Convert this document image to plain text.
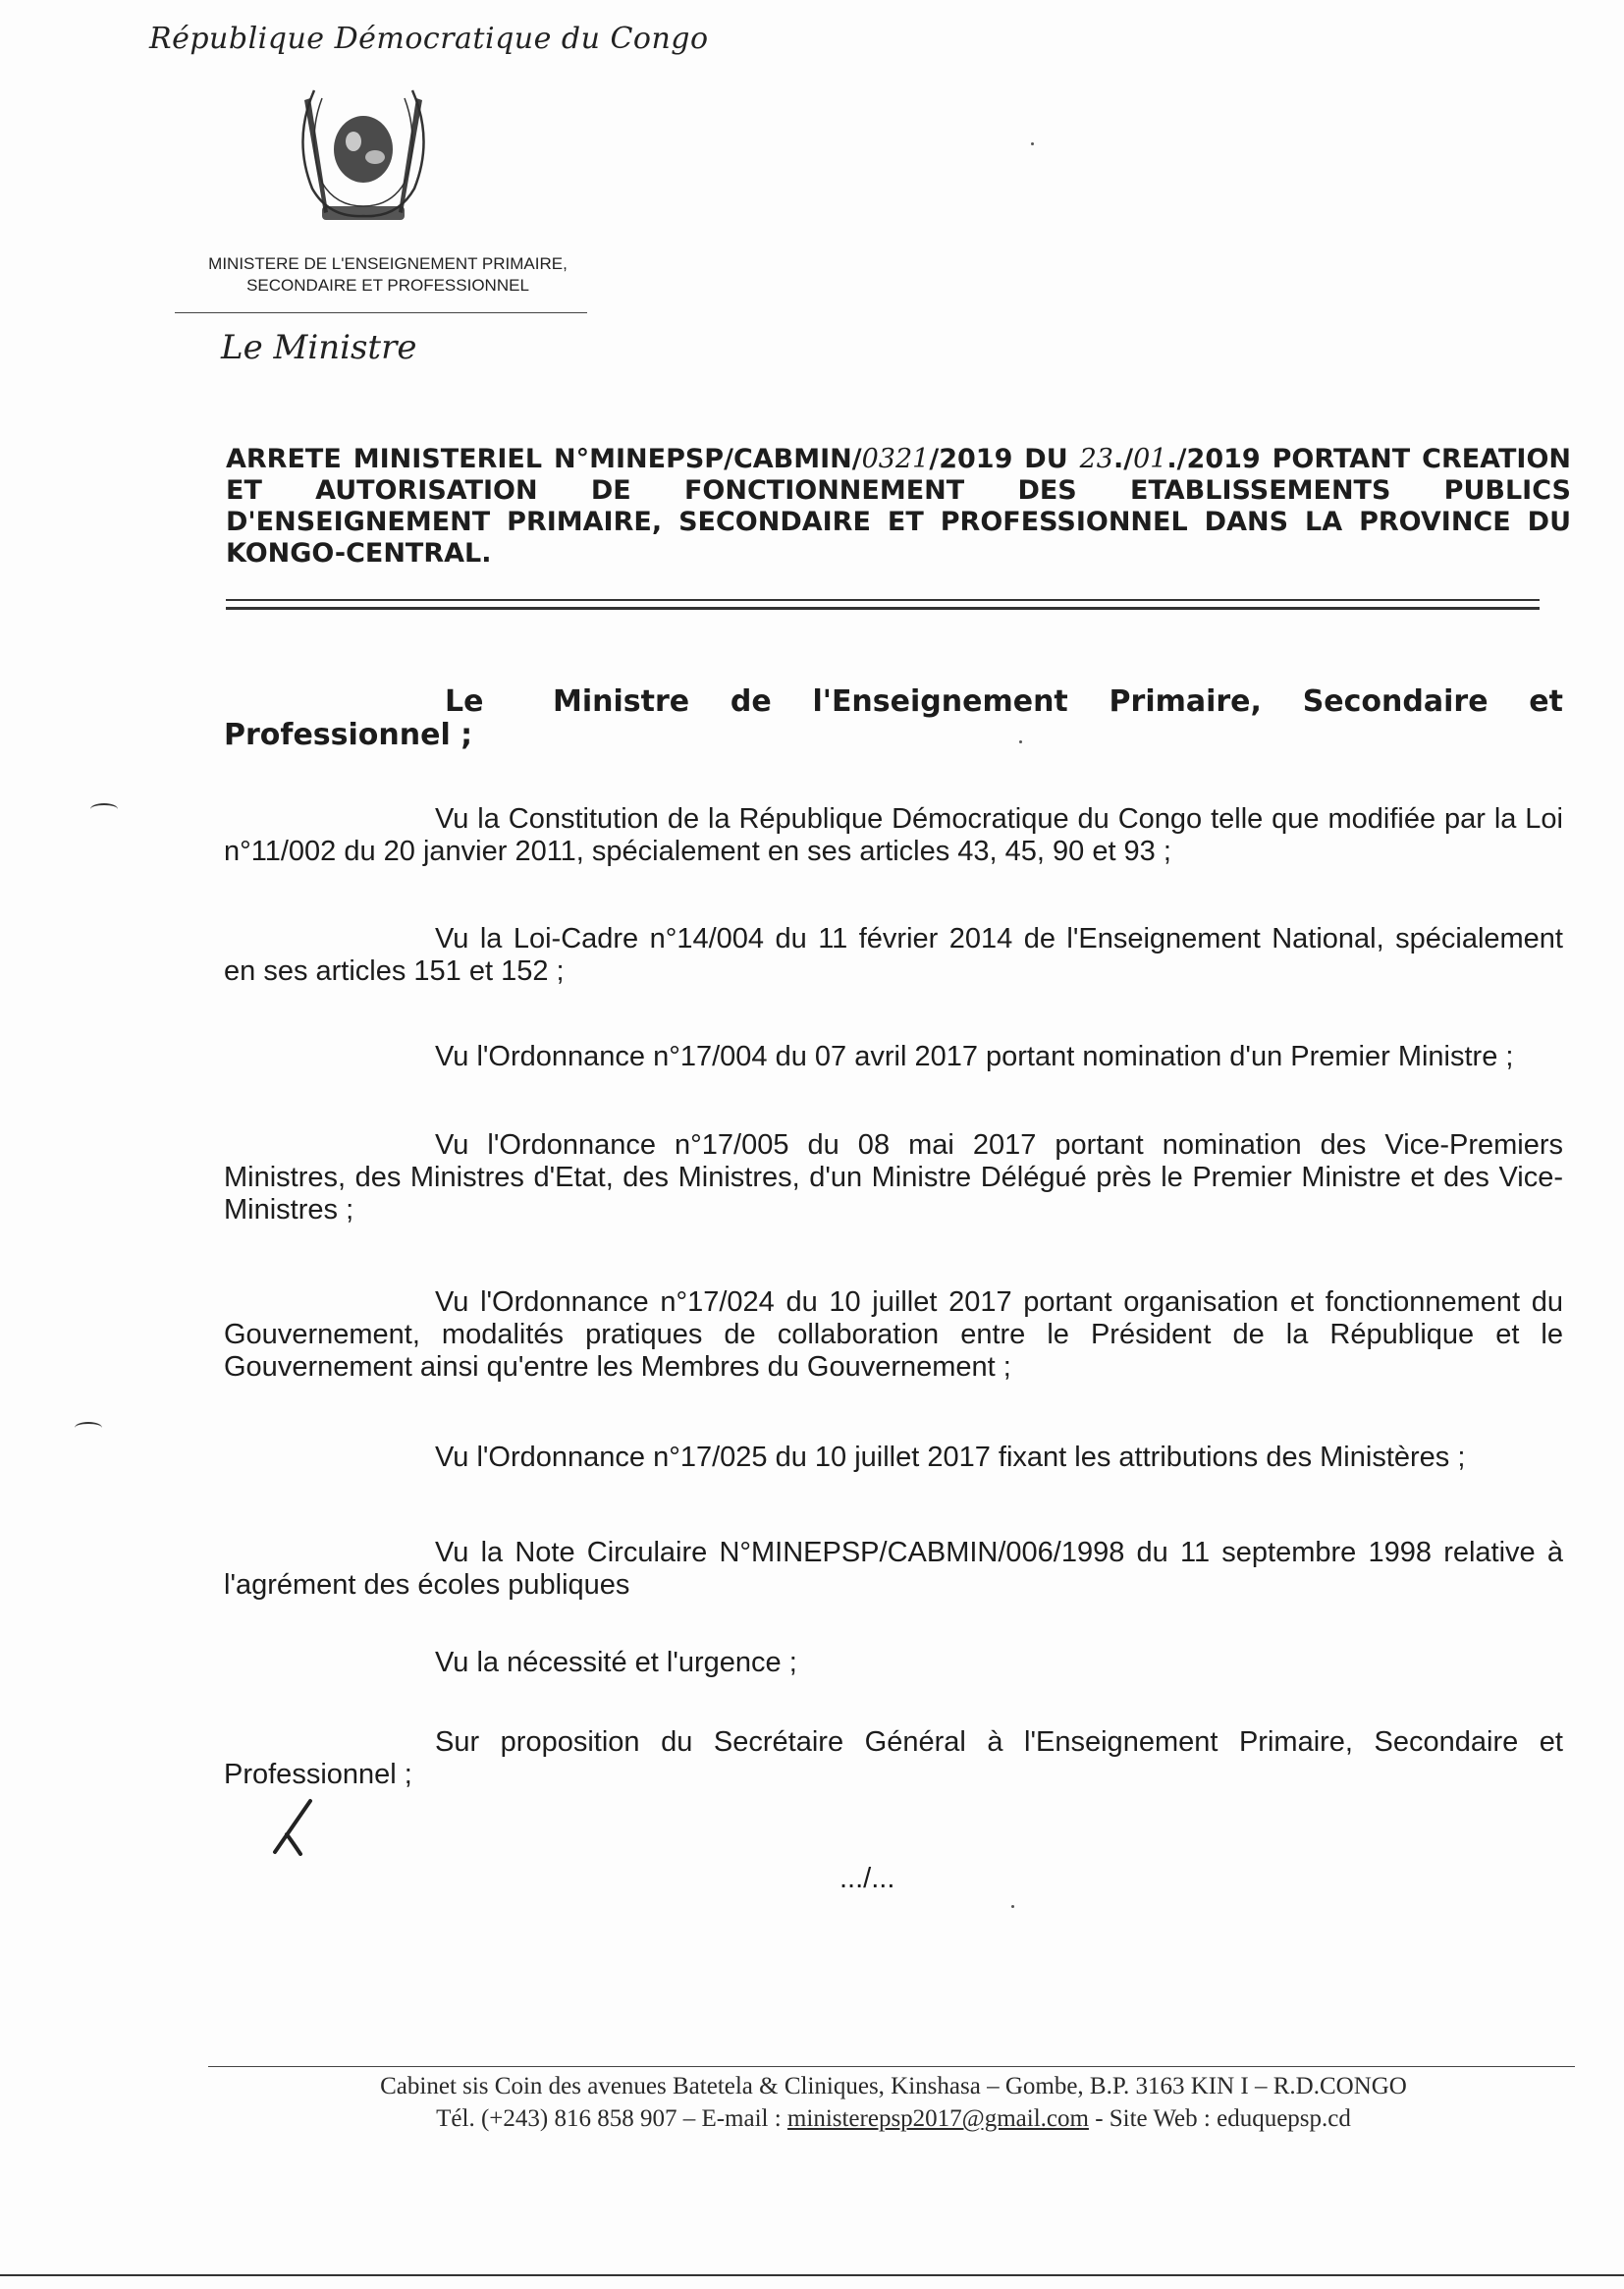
République Démocratique du Congo
MINISTERE DE L'ENSEIGNEMENT PRIMAIRE,
SECONDAIRE ET PROFESSIONNEL
Le Ministre
ARRETE MINISTERIEL N°MINEPSP/CABMIN/0321/2019 DU 23./01./2019 PORTANT CREATION ET AUTORISATION DE FONCTIONNEMENT DES ETABLISSEMENTS PUBLICS D'ENSEIGNEMENT PRIMAIRE, SECONDAIRE ET PROFESSIONNEL DANS LA PROVINCE DU KONGO-CENTRAL.
Le Ministre de l'Enseignement Primaire, Secondaire et Professionnel ;
Vu la Constitution de la République Démocratique du Congo telle que modifiée par la Loi n°11/002 du 20 janvier 2011, spécialement en ses articles 43, 45, 90 et 93 ;
Vu la Loi-Cadre n°14/004 du 11 février 2014 de l'Enseignement National, spécialement en ses articles 151 et 152 ;
Vu l'Ordonnance n°17/004 du 07 avril 2017 portant nomination d'un Premier Ministre ;
Vu l'Ordonnance n°17/005 du 08 mai 2017 portant nomination des Vice-Premiers Ministres, des Ministres d'Etat, des Ministres, d'un Ministre Délégué près le Premier Ministre et des Vice-Ministres ;
Vu l'Ordonnance n°17/024 du 10 juillet 2017 portant organisation et fonctionnement du Gouvernement, modalités pratiques de collaboration entre le Président de la République et le Gouvernement ainsi qu'entre les Membres du Gouvernement ;
Vu l'Ordonnance n°17/025 du 10 juillet 2017 fixant les attributions des Ministères ;
Vu la Note Circulaire N°MINEPSP/CABMIN/006/1998 du 11 septembre 1998 relative à l'agrément des écoles publiques
Vu la nécessité et l'urgence ;
Sur proposition du Secrétaire Général à l'Enseignement Primaire, Secondaire et Professionnel ;
.../...
Cabinet sis Coin des avenues Batetela & Cliniques, Kinshasa – Gombe, B.P. 3163 KIN I – R.D.CONGO
Tél. (+243) 816 858 907 – E-mail : ministerepsp2017@gmail.com - Site Web : eduquepsp.cd
